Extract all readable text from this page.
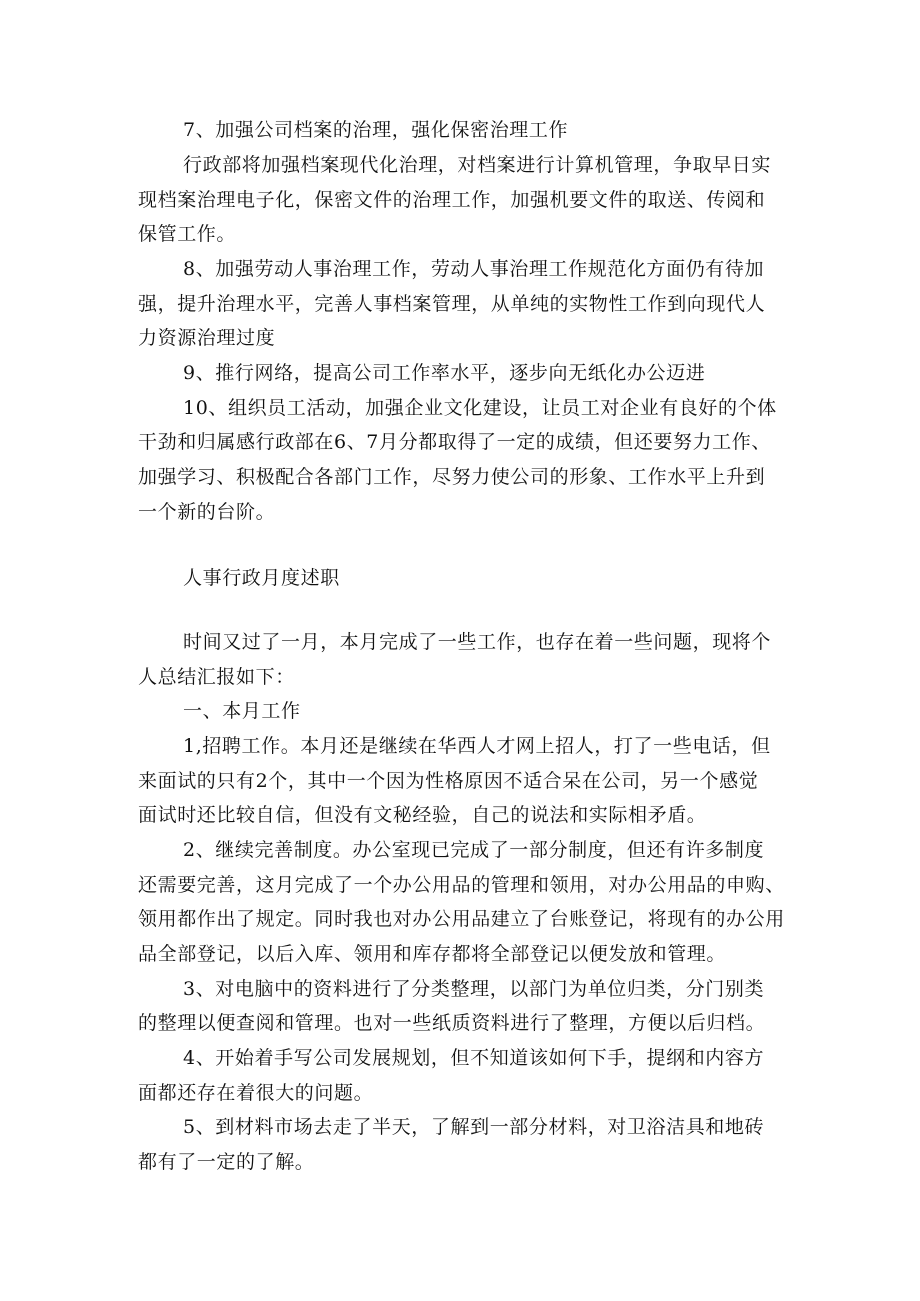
7、加强公司档案的治理，强化保密治理工作
行政部将加强档案现代化治理，对档案进行计算机管理，争取早日实
现档案治理电子化，保密文件的治理工作，加强机要文件的取送、传阅和
保管工作。
8、加强劳动人事治理工作，劳动人事治理工作规范化方面仍有待加
强，提升治理水平，完善人事档案管理，从单纯的实物性工作到向现代人
力资源治理过度
9、推行网络，提高公司工作率水平，逐步向无纸化办公迈进
10、组织员工活动，加强企业文化建设，让员工对企业有良好的个体
干劲和归属感行政部在6、7月分都取得了一定的成绩，但还要努力工作、
加强学习、积极配合各部门工作，尽努力使公司的形象、工作水平上升到
一个新的台阶。
人事行政月度述职
时间又过了一月，本月完成了一些工作，也存在着一些问题，现将个
人总结汇报如下：
一、本月工作
1,招聘工作。本月还是继续在华西人才网上招人，打了一些电话，但
来面试的只有2个，其中一个因为性格原因不适合呆在公司，另一个感觉
面试时还比较自信，但没有文秘经验，自己的说法和实际相矛盾。
2、继续完善制度。办公室现已完成了一部分制度，但还有许多制度
还需要完善，这月完成了一个办公用品的管理和领用，对办公用品的申购、
领用都作出了规定。同时我也对办公用品建立了台账登记，将现有的办公用
品全部登记，以后入库、领用和库存都将全部登记以便发放和管理。
3、对电脑中的资料进行了分类整理，以部门为单位归类，分门别类
的整理以便查阅和管理。也对一些纸质资料进行了整理，方便以后归档。
4、开始着手写公司发展规划，但不知道该如何下手，提纲和内容方
面都还存在着很大的问题。
5、到材料市场去走了半天，了解到一部分材料，对卫浴洁具和地砖
都有了一定的了解。
